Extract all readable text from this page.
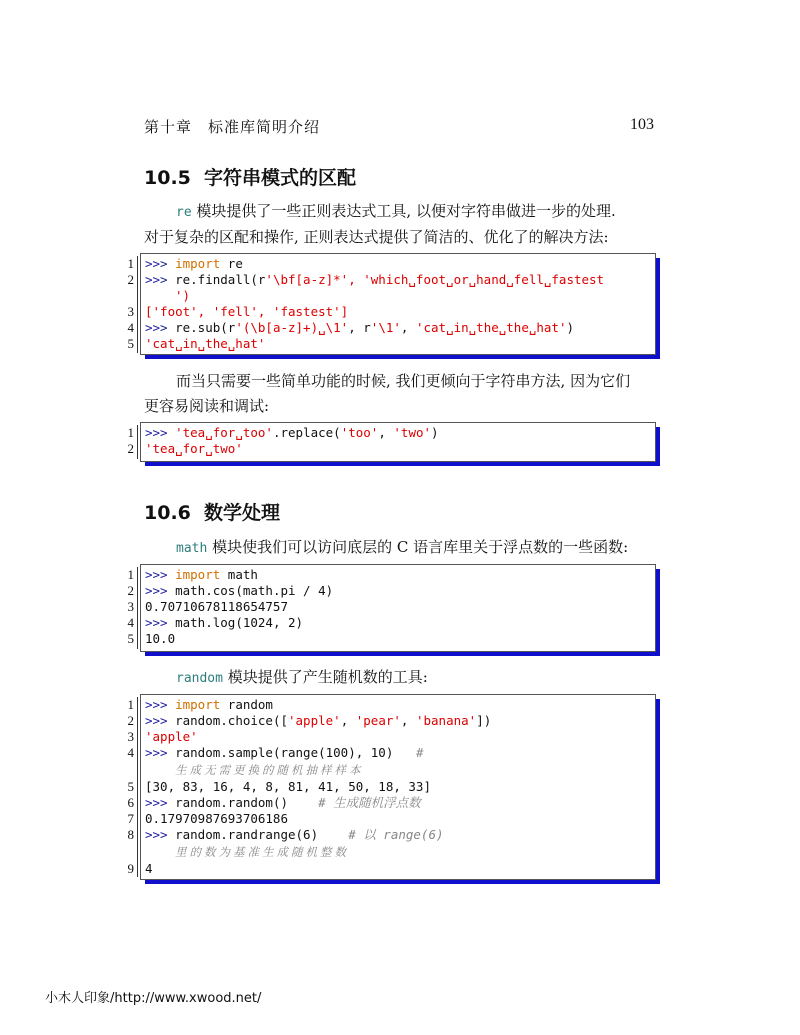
第十章　标准库简明介绍	103
10.5 字符串模式的区配
re 模块提供了一些正则表达式工具, 以便对字符串做进一步的处理.
对于复杂的区配和操作, 正则表达式提供了简洁的、优化了的解决方法:
1
2
3
4
5
>>> import re
>>> re.findall(r'\bf[a-z]*', 'which␣foot␣or␣hand␣fell␣fastest
')
['foot', 'fell', 'fastest']
>>> re.sub(r'(\b[a-z]+)␣\1', r'\1', 'cat␣in␣the␣the␣hat')
'cat␣in␣the␣hat'
而当只需要一些简单功能的时候, 我们更倾向于字符串方法, 因为它们
更容易阅读和调试:
1
2
>>> 'tea␣for␣too'.replace('too', 'two')
'tea␣for␣two'
10.6 数学处理
math 模块使我们可以访问底层的 C 语言库里关于浮点数的一些函数:
1
2
3
4
5
>>> import math
>>> math.cos(math.pi / 4)
0.70710678118654757
>>> math.log(1024, 2)
10.0
random 模块提供了产生随机数的工具:
1
2
3
4
5
6
7
8
9
>>> import random
>>> random.choice(['apple', 'pear', 'banana'])
'apple'
>>> random.sample(range(100), 10) #
生成无需更换的随机抽样样本
[30, 83, 16, 4, 8, 81, 41, 50, 18, 33]
>>> random.random() # 生成随机浮点数
0.17970987693706186
>>> random.randrange(6) # 以 range(6)
里的数为基准生成随机整数
4
小木人印象/http://www.xwood.net/
